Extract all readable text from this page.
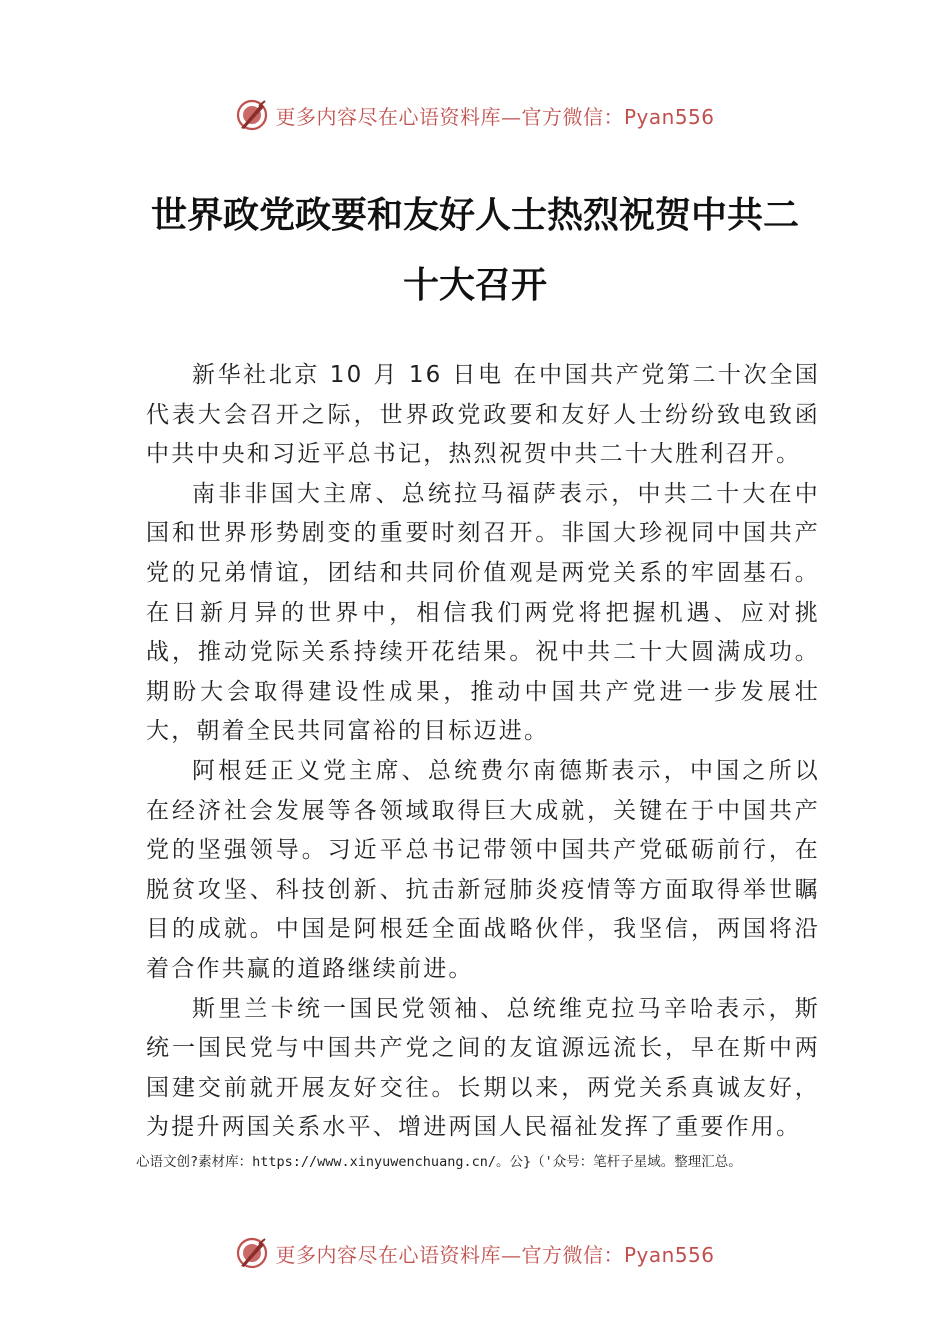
更多内容尽在心语资料库—官方微信：Pyan556
世界政党政要和友好人士热烈祝贺中共二十大召开

新华社北京 10 月 16 日电 在中国共产党第二十次全国代表大会召开之际，世界政党政要和友好人士纷纷致电致函中共中央和习近平总书记，热烈祝贺中共二十大胜利召开。

南非非国大主席、总统拉马福萨表示，中共二十大在中国和世界形势剧变的重要时刻召开。非国大珍视同中国共产党的兄弟情谊，团结和共同价值观是两党关系的牢固基石。 在日新月异的世界中，相信我们两党将把握机遇、应对挑战，推动党际关系持续开花结果。祝中共二十大圆满成功。期盼大会取得建设性成果，推动中国共产党进一步发展壮大，朝着全民共同富裕的目标迈进。

阿根廷正义党主席、总统费尔南德斯表示，中国之所以在经济社会发展等各领域取得巨大成就，关键在于中国共产党的坚强领导。习近平总书记带领中国共产党砥砺前行，在脱贫攻坚、科技创新、抗击新冠肺炎疫情等方面取得举世瞩目的成就。中国是阿根廷全面战略伙伴，我坚信，两国将沿着合作共赢的道路继续前进。

斯里兰卡统一国民党领袖、总统维克拉马辛哈表示，斯统一国民党与中国共产党之间的友谊源远流长，早在斯中两国建交前就开展友好交往。长期以来，两党关系真诚友好， 为提升两国关系水平、增进两国人民福祉发挥了重要作用。

心语文创?素材库：https://www.xinyuwenchuang.cn/。公}（'众号：笔杆子星域。整理汇总。

更多内容尽在心语资料库—官方微信：Pyan556
